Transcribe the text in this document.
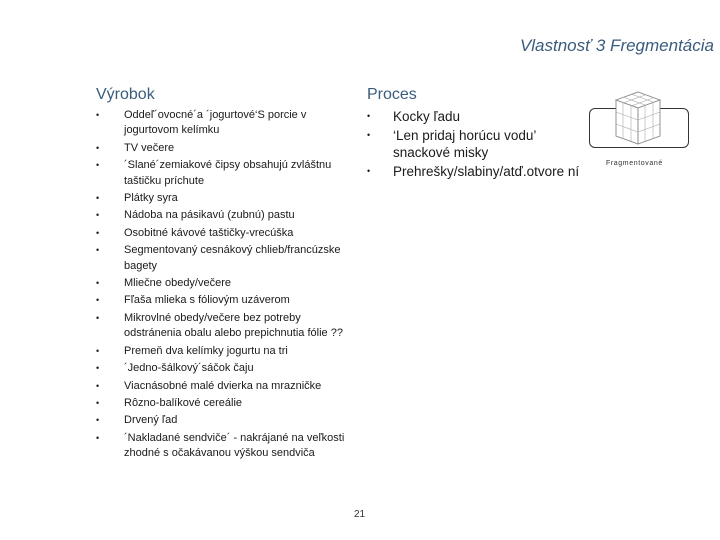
Vlastnosť 3 Fregmentácia
Výrobok	Proces
• Oddeľ´ovocné´a ´jogurtové‘S porcie v jogurtovom kelímku
• TV večere
• ´Slané´zemiakové čipsy obsahujú zvláštnu taštičku príchute
• Plátky syra
• Nádoba na pásikavú (zubnú) pastu
• Osobitné kávové taštičky-vrecúška
• Segmentovaný cesnákový chlieb/francúzske bagety
• Mliečne obedy/večere
• Fľaša mlieka s fóliovým uzáverom
• Mikrovlné obedy/večere bez potreby odstránenia obalu alebo prepichnutia fólie ??
• Premeň dva kelímky jogurtu na tri
• ´Jedno-šálkový´sáčok čaju
• Viacnásobné malé dvierka na mrazničke
• Rôzno-balíkové cereálie
• Drvený ľad
• ´Nakladané sendviče´ - nakrájané na veľkosti zhodné s očakávanou výškou sendviča
• Kocky ľadu
• ‘Len pridaj horúcu vodu’ snackové misky
• Prehrešky/slabiny/atď.otvore ní
Fragmentované
21
